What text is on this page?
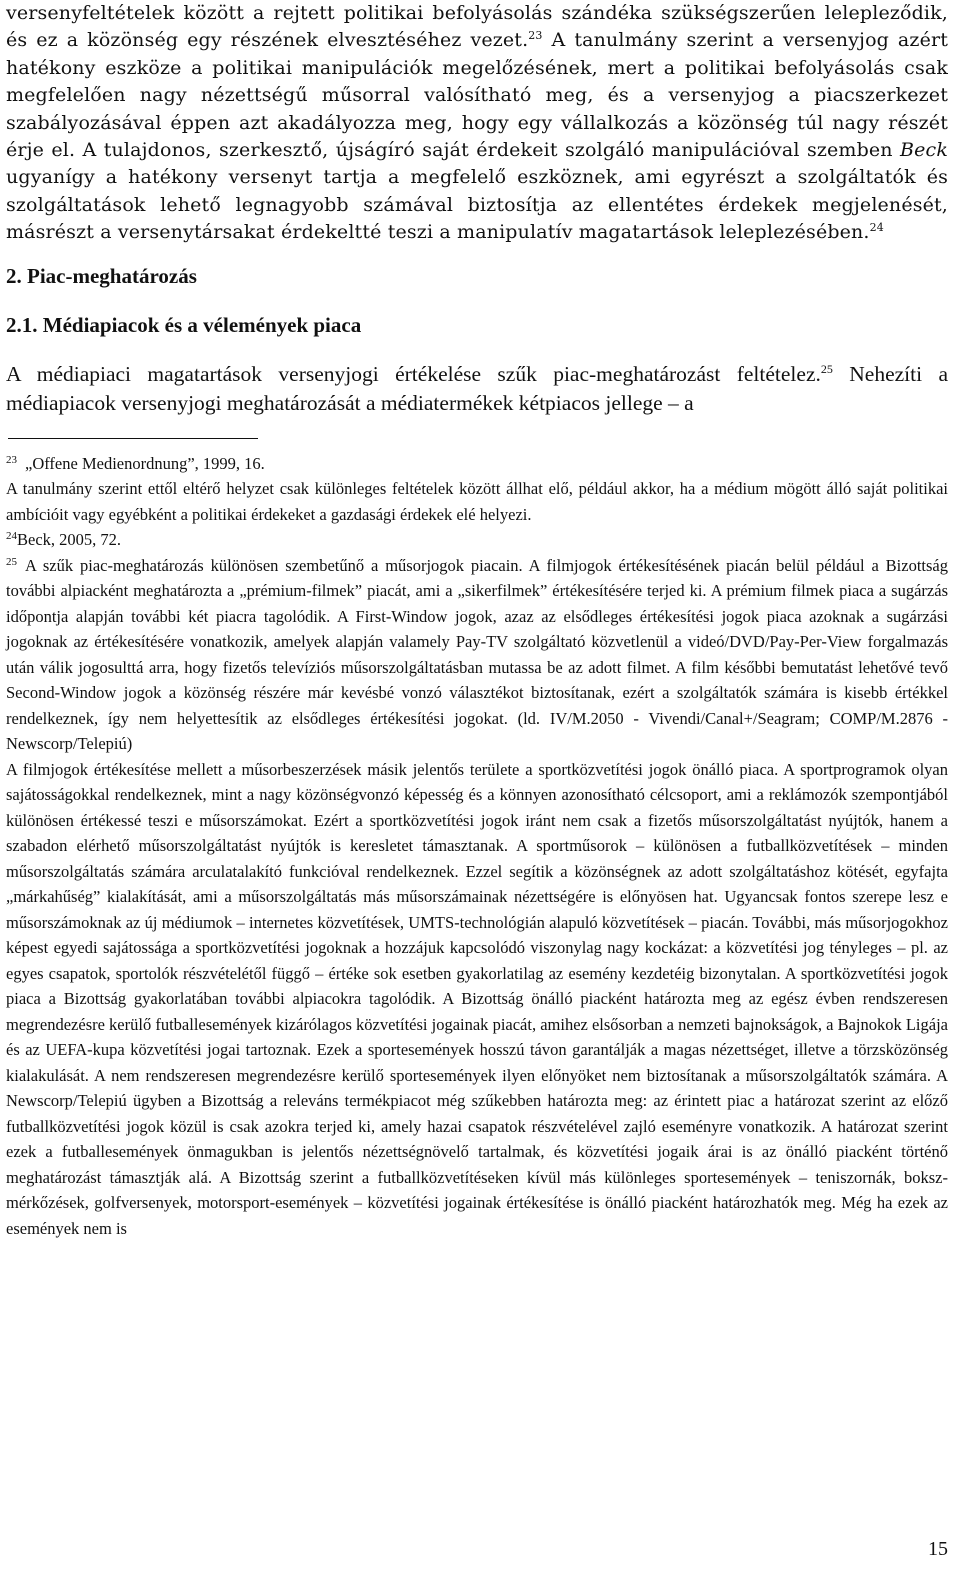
versenyfeltételek között a rejtett politikai befolyásolás szándéka szükségszerűen lelepleződik, és ez a közönség egy részének elvesztéséhez vezet.$^{23}$ A tanulmány szerint a versenyjog azért hatékony eszköze a politikai manipulációk megelőzésének, mert a politikai befolyásolás csak megfelelően nagy nézettségű műsorral valósítható meg, és a versenyjog a piacszerkezet szabályozásával éppen azt akadályozza meg, hogy egy vállalkozás a közönség túl nagy részét érje el. A tulajdonos, szerkesztő, újságíró saját érdekeit szolgáló manipulációval szemben Beck ugyanígy a hatékony versenyt tartja a megfelelő eszköznek, ami egyrészt a szolgáltatók és szolgáltatások lehető legnagyobb számával biztosítja az ellentétes érdekek megjelenését, másrészt a versenytársakat érdekeltté teszi a manipulatív magatartások leleplezésében.$^{24}$

2. Piac-meghatározás

2.1. Médiapiacok és a vélemények piaca

A médiapiaci magatartások versenyjogi értékelése szűk piac-meghatározást feltételez.$^{25}$ Nehezíti a médiapiacok versenyjogi meghatározását a médiatermékek kétpiacos jellege – a

$^{23}$ „Offene Medienordnung”, 1999, 16.

A tanulmány szerint ettől eltérő helyzet csak különleges feltételek között állhat elő, például akkor, ha a médium mögött álló saját politikai ambícióit vagy egyébként a politikai érdekeket a gazdasági érdekek elé helyezi.

$^{24}$Beck, 2005, 72.

$^{25}$ A szűk piac-meghatározás különösen szembetűnő a műsorjogok piacain. A filmjogok értékesítésének piacán belül például a Bizottság további alpiacként meghatározta a „prémium-filmek” piacát, ami a „sikerfilmek” értékesítésére terjed ki. A prémium filmek piaca a sugárzás időpontja alapján további két piacra tagolódik. A First-Window jogok, azaz az elsődleges értékesítési jogok piaca azoknak a sugárzási jogoknak az értékesítésére vonatkozik, amelyek alapján valamely Pay-TV szolgáltató közvetlenül a videó/DVD/Pay-Per-View forgalmazás után válik jogosulttá arra, hogy fizetős televíziós műsorszolgáltatásban mutassa be az adott filmet. A film későbbi bemutatást lehetővé tevő Second-Window jogok a közönség részére már kevésbé vonzó választékot biztosítanak, ezért a szolgáltatók számára is kisebb értékkel rendelkeznek, így nem helyettesítik az elsődleges értékesítési jogokat. (ld. IV/M.2050 - Vivendi/Canal+/Seagram; COMP/M.2876 - Newscorp/Telepiú)

A filmjogok értékesítése mellett a műsorbeszerzések másik jelentős területe a sportközvetítési jogok önálló piaca. A sportprogramok olyan sajátosságokkal rendelkeznek, mint a nagy közönségvonzó képesség és a könnyen azonosítható célcsoport, ami a reklámozók szempontjából különösen értékessé teszi e műsorszámokat. Ezért a sportközvetítési jogok iránt nem csak a fizetős műsorszolgáltatást nyújtók, hanem a szabadon elérhető műsorszolgáltatást nyújtók is keresletet támasztanak. A sportműsorok – különösen a futballközvetítések – minden műsorszolgáltatás számára arculatalakító funkcióval rendelkeznek. Ezzel segítik a közönségnek az adott szolgáltatáshoz kötését, egyfajta „márkahűség” kialakítását, ami a műsorszolgáltatás más műsorszámainak nézettségére is előnyösen hat. Ugyancsak fontos szerepe lesz e műsorszámoknak az új médiumok – internetes közvetítések, UMTS-technológián alapuló közvetítések – piacán. További, más műsorjogokhoz képest egyedi sajátossága a sportközvetítési jogoknak a hozzájuk kapcsolódó viszonylag nagy kockázat: a közvetítési jog tényleges – pl. az egyes csapatok, sportolók részvételétől függő – értéke sok esetben gyakorlatilag az esemény kezdetéig bizonytalan. A sportközvetítési jogok piaca a Bizottság gyakorlatában további alpiacokra tagolódik. A Bizottság önálló piacként határozta meg az egész évben rendszeresen megrendezésre kerülő futballesemények kizárólagos közvetítési jogainak piacát, amihez elsősorban a nemzeti bajnokságok, a Bajnokok Ligája és az UEFA-kupa közvetítési jogai tartoznak. Ezek a sportesemények hosszú távon garantálják a magas nézettséget, illetve a törzsközönség kialakulását. A nem rendszeresen megrendezésre kerülő sportesemények ilyen előnyöket nem biztosítanak a műsorszolgáltatók számára. A Newscorp/Telepiú ügyben a Bizottság a releváns termékpiacot még szűkebben határozta meg: az érintett piac a határozat szerint az előző futballközvetítési jogok közül is csak azokra terjed ki, amely hazai csapatok részvételével zajló eseményre vonatkozik. A határozat szerint ezek a futballesemények önmagukban is jelentős nézettségnövelő tartalmak, és közvetítési jogaik árai is az önálló piacként történő meghatározást támasztják alá. A Bizottság szerint a futballközvetítéseken kívül más különleges sportesemények – teniszornák, boksz-mérkőzések, golfversenyek, motorsport-események – közvetítési jogainak értékesítése is önálló piacként határozhatók meg. Még ha ezek az események nem is

15
